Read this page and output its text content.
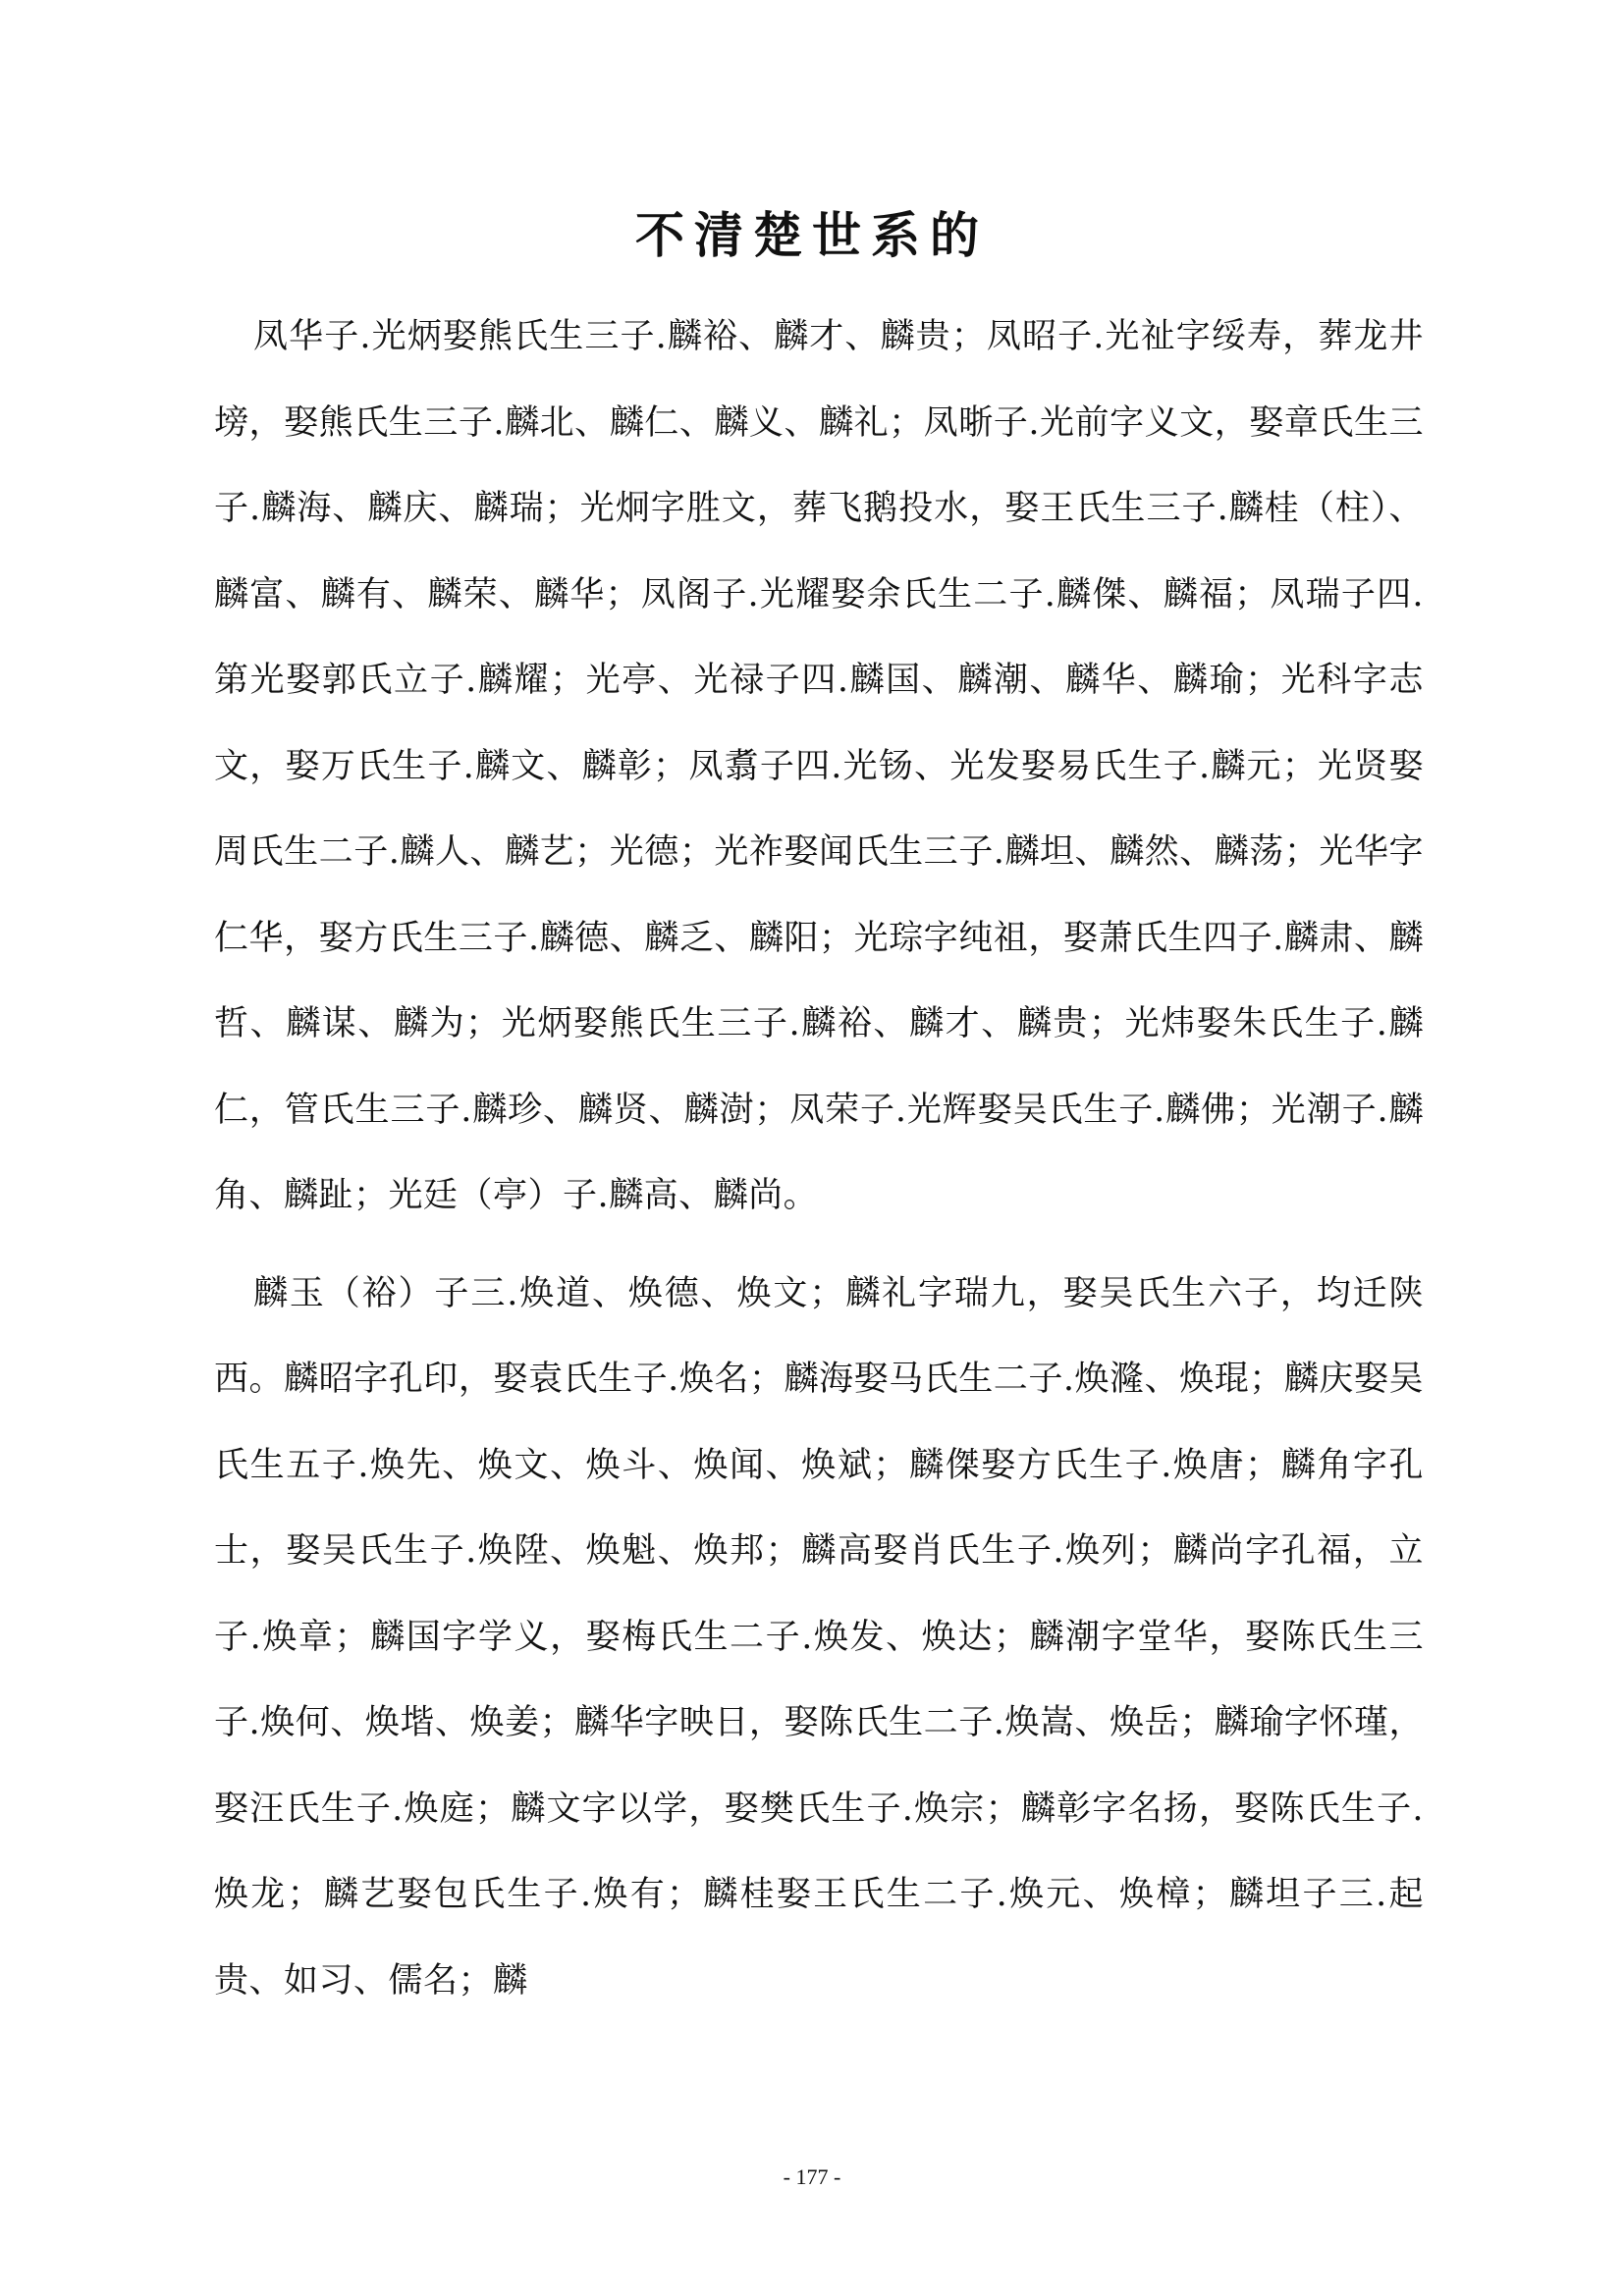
不清楚世系的

凤华子.光炳娶熊氏生三子.麟裕、麟才、麟贵；凤昭子.光祉字绥寿，葬龙井塝，娶熊氏生三子.麟北、麟仁、麟义、麟礼；凤晣子.光前字义文，娶章氏生三子.麟海、麟庆、麟瑞；光炯字胜文，葬飞鹅投水，娶王氏生三子.麟桂（柱）、麟富、麟有、麟荣、麟华；凤阁子.光耀娶余氏生二子.麟傑、麟福；凤瑞子四.第光娶郭氏立子.麟耀；光亭、光禄子四.麟国、麟潮、麟华、麟瑜；光科字志文，娶万氏生子.麟文、麟彰；凤翥子四.光钖、光发娶易氏生子.麟元；光贤娶周氏生二子.麟人、麟艺；光德；光祚娶闻氏生三子.麟坦、麟然、麟荡；光华字仁华，娶方氏生三子.麟德、麟乏、麟阳；光琮字纯祖，娶萧氏生四子.麟肃、麟哲、麟谋、麟为；光炳娶熊氏生三子.麟裕、麟才、麟贵；光炜娶朱氏生子.麟仁，管氏生三子.麟珍、麟贤、麟澍；凤荣子.光辉娶吴氏生子.麟佛；光潮子.麟角、麟趾；光廷（亭）子.麟高、麟尚。

麟玉（裕）子三.焕道、焕德、焕文；麟礼字瑞九，娶吴氏生六子，均迁陕西。麟昭字孔印，娶袁氏生子.焕名；麟海娶马氏生二子.焕漋、焕琨；麟庆娶吴氏生五子.焕先、焕文、焕斗、焕闻、焕斌；麟傑娶方氏生子.焕唐；麟角字孔士，娶吴氏生子.焕陞、焕魁、焕邦；麟高娶肖氏生子.焕列；麟尚字孔福，立子.焕章；麟国字学义，娶梅氏生二子.焕发、焕达；麟潮字堂华，娶陈氏生三子.焕何、焕堦、焕姜；麟华字映日，娶陈氏生二子.焕嵩、焕岳；麟瑜字怀瑾，娶汪氏生子.焕庭；麟文字以学，娶樊氏生子.焕宗；麟彰字名扬，娶陈氏生子.焕龙；麟艺娶包氏生子.焕有；麟桂娶王氏生二子.焕元、焕樟；麟坦子三.起贵、如习、儒名；麟

- 177 -
